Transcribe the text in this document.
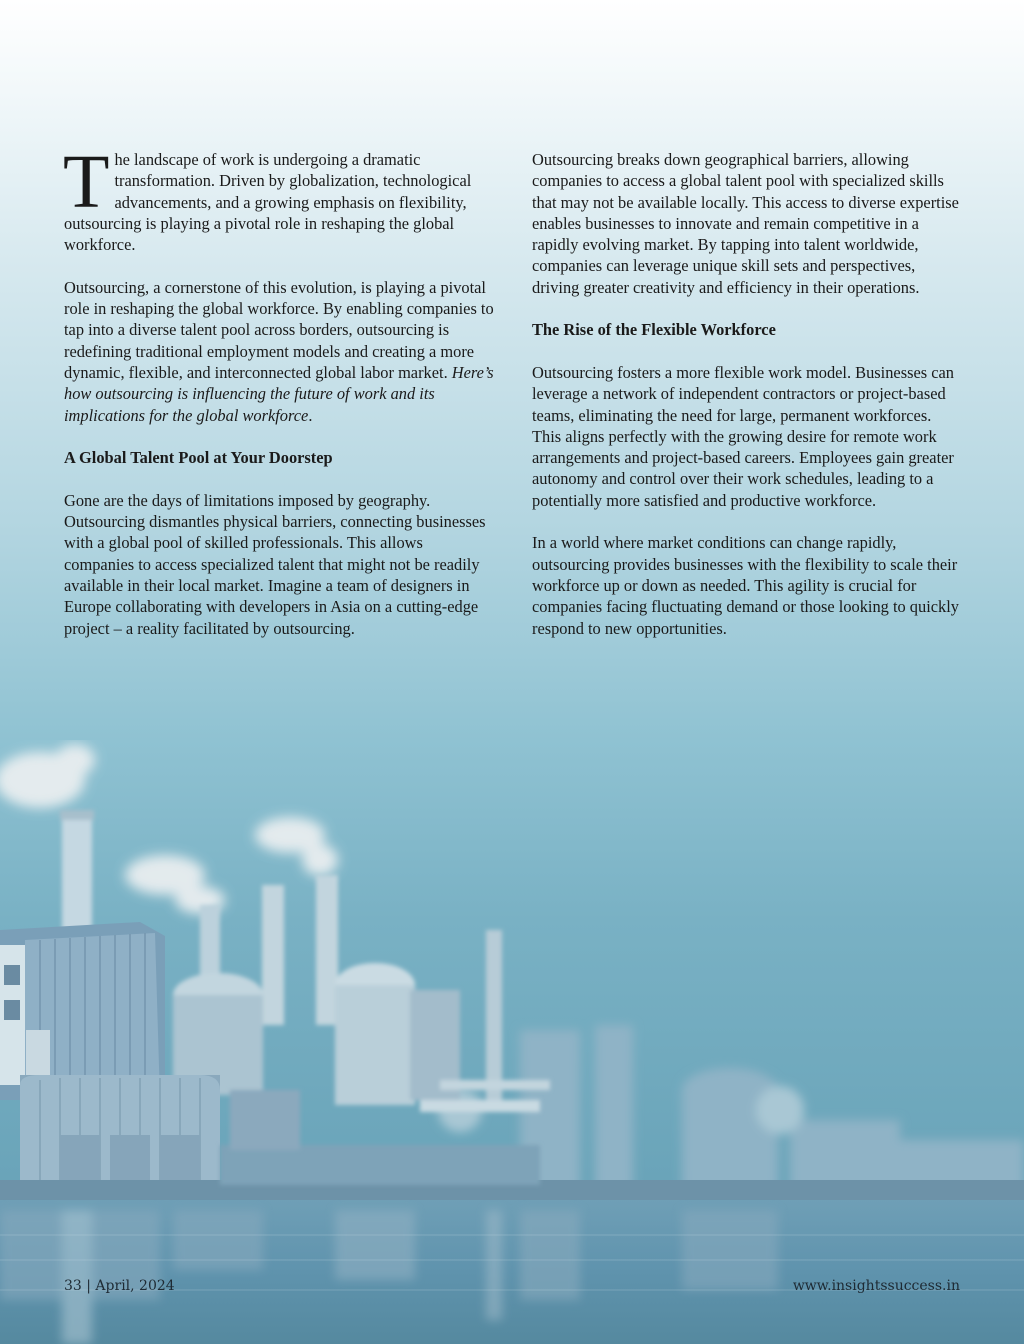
The landscape of work is undergoing a dramatic transformation. Driven by globalization, technological advancements, and a growing emphasis on flexibility, outsourcing is playing a pivotal role in reshaping the global workforce.

Outsourcing, a cornerstone of this evolution, is playing a pivotal role in reshaping the global workforce. By enabling companies to tap into a diverse talent pool across borders, outsourcing is redefining traditional employment models and creating a more dynamic, flexible, and interconnected global labor market. Here’s how outsourcing is influencing the future of work and its implications for the global workforce.

A Global Talent Pool at Your Doorstep

Gone are the days of limitations imposed by geography. Outsourcing dismantles physical barriers, connecting businesses with a global pool of skilled professionals. This allows companies to access specialized talent that might not be readily available in their local market. Imagine a team of designers in Europe collaborating with developers in Asia on a cutting-edge project – a reality facilitated by outsourcing.

Outsourcing breaks down geographical barriers, allowing companies to access a global talent pool with specialized skills that may not be available locally. This access to diverse expertise enables businesses to innovate and remain competitive in a rapidly evolving market. By tapping into talent worldwide, companies can leverage unique skill sets and perspectives, driving greater creativity and efficiency in their operations.

The Rise of the Flexible Workforce

Outsourcing fosters a more flexible work model. Businesses can leverage a network of independent contractors or project-based teams, eliminating the need for large, permanent workforces. This aligns perfectly with the growing desire for remote work arrangements and project-based careers. Employees gain greater autonomy and control over their work schedules, leading to a potentially more satisfied and productive workforce.

In a world where market conditions can change rapidly, outsourcing provides businesses with the flexibility to scale their workforce up or down as needed. This agility is crucial for companies facing fluctuating demand or those looking to quickly respond to new opportunities.

33 | April, 2024	www.insightssuccess.in
